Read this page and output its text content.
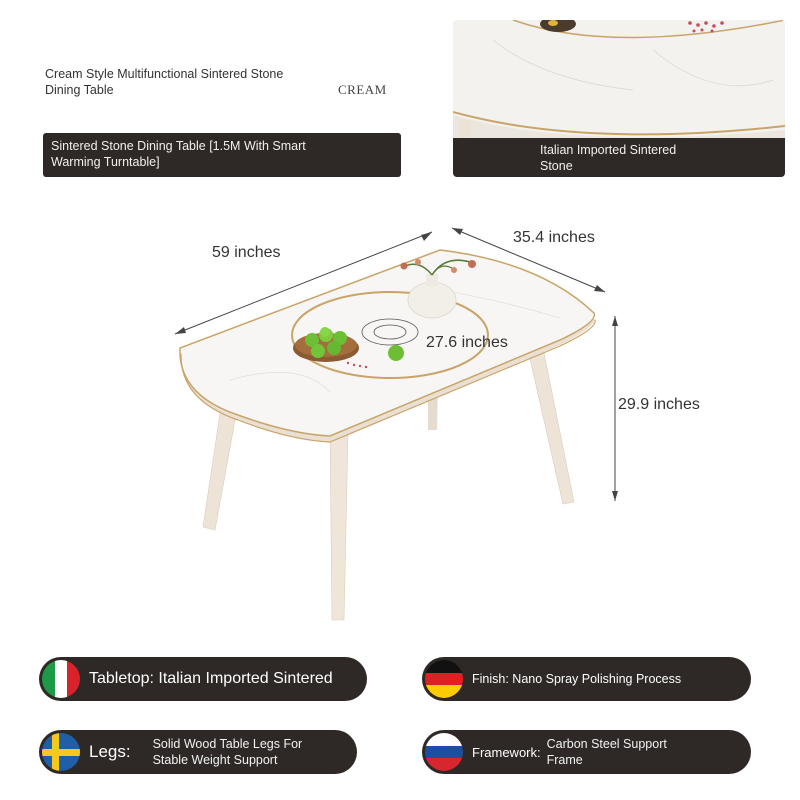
Cream Style Multifunctional Sintered Stone
Dining Table	CREAM
Sintered Stone Dining Table [1.5M With Smart
Warming Turntable]
Italian Imported Sintered
Stone
59 inches
35.4 inches
27.6 inches
29.9 inches
Tabletop: Italian Imported Sintered	Finish: Nano Spray Polishing Process
Legs: Solid Wood Table Legs For
Stable Weight Support
Framework:
Carbon Steel Support
Frame
